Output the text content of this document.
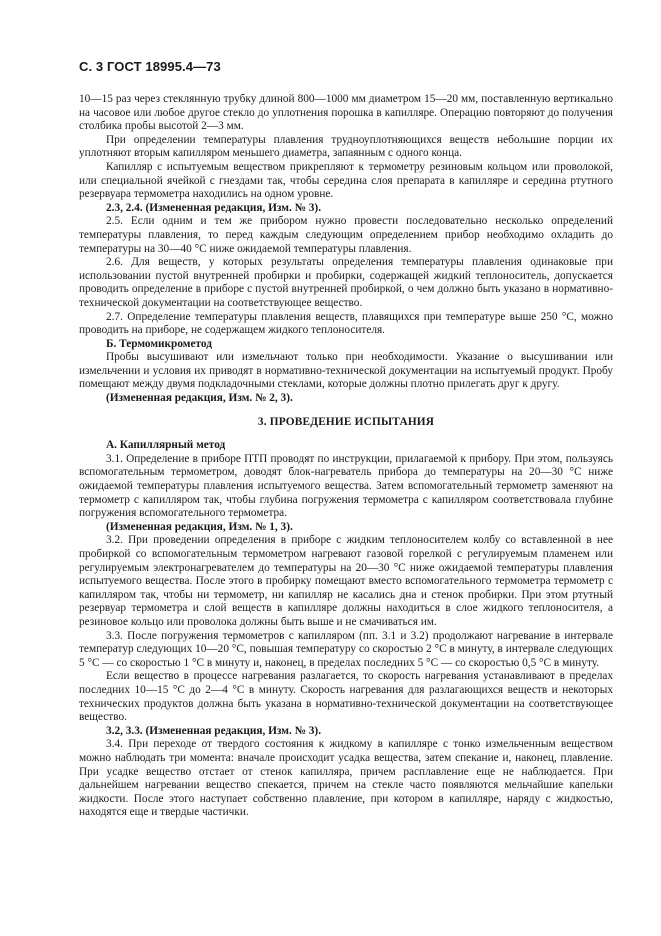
С. 3 ГОСТ 18995.4—73

10—15 раз через стеклянную трубку длиной 800—1000 мм диаметром 15—20 мм, поставленную вертикально на часовое или любое другое стекло до уплотнения порошка в капилляре. Операцию повторяют до получения столбика пробы высотой 2—3 мм.

При определении температуры плавления трудноуплотняющихся веществ небольшие порции их уплотняют вторым капилляром меньшего диаметра, запаянным с одного конца.

Капилляр с испытуемым веществом прикрепляют к термометру резиновым кольцом или проволокой, или специальной ячейкой с гнездами так, чтобы середина слоя препарата в капилляре и середина ртутного резервуара термометра находились на одном уровне.

2.3, 2.4. (Измененная редакция, Изм. № 3).

2.5. Если одним и тем же прибором нужно провести последовательно несколько определений температуры плавления, то перед каждым следующим определением прибор необходимо охладить до температуры на 30—40 °С ниже ожидаемой температуры плавления.

2.6. Для веществ, у которых результаты определения температуры плавления одинаковые при использовании пустой внутренней пробирки и пробирки, содержащей жидкий теплоноситель, допускается проводить определение в приборе с пустой внутренней пробиркой, о чем должно быть указано в нормативно-технической документации на соответствующее вещество.

2.7. Определение температуры плавления веществ, плавящихся при температуре выше 250 °С, можно проводить на приборе, не содержащем жидкого теплоносителя.

Б. Термомикрометод

Пробы высушивают или измельчают только при необходимости. Указание о высушивании или измельчении и условия их приводят в нормативно-технической документации на испытуемый продукт. Пробу помещают между двумя подкладочными стеклами, которые должны плотно прилегать друг к другу.

(Измененная редакция, Изм. № 2, 3).

3. ПРОВЕДЕНИЕ ИСПЫТАНИЯ

А. Капиллярный метод

3.1. Определение в приборе ПТП проводят по инструкции, прилагаемой к прибору. При этом, пользуясь вспомогательным термометром, доводят блок-нагреватель прибора до температуры на 20—30 °С ниже ожидаемой температуры плавления испытуемого вещества. Затем вспомогательный термометр заменяют на термометр с капилляром так, чтобы глубина погружения термометра с капилляром соответствовала глубине погружения вспомогательного термометра.

(Измененная редакция, Изм. № 1, 3).

3.2. При проведении определения в приборе с жидким теплоносителем колбу со вставленной в нее пробиркой со вспомогательным термометром нагревают газовой горелкой с регулируемым пламенем или регулируемым электронагревателем до температуры на 20—30 °С ниже ожидаемой температуры плавления испытуемого вещества. После этого в пробирку помещают вместо вспомогательного термометра термометр с капилляром так, чтобы ни термометр, ни капилляр не касались дна и стенок пробирки. При этом ртутный резервуар термометра и слой веществ в капилляре должны находиться в слое жидкого теплоносителя, а резиновое кольцо или проволока должны быть выше и не смачиваться им.

3.3. После погружения термометров с капилляром (пп. 3.1 и 3.2) продолжают нагревание в интервале температур следующих 10—20 °С, повышая температуру со скоростью 2 °С в минуту, в интервале следующих 5 °С — со скоростью 1 °С в минуту и, наконец, в пределах последних 5 °С — со скоростью 0,5 °С в минуту.

Если вещество в процессе нагревания разлагается, то скорость нагревания устанавливают в пределах последних 10—15 °С до 2—4 °С в минуту. Скорость нагревания для разлагающихся веществ и некоторых технических продуктов должна быть указана в нормативно-технической документации на соответствующее вещество.

3.2, 3.3. (Измененная редакция, Изм. № 3).

3.4. При переходе от твердого состояния к жидкому в капилляре с тонко измельченным веществом можно наблюдать три момента: вначале происходит усадка вещества, затем спекание и, наконец, плавление. При усадке вещество отстает от стенок капилляра, причем расплавление еще не наблюдается. При дальнейшем нагревании вещество спекается, причем на стекле часто появляются мельчайшие капельки жидкости. После этого наступает собственно плавление, при котором в капилляре, наряду с жидкостью, находятся еще и твердые частички.
